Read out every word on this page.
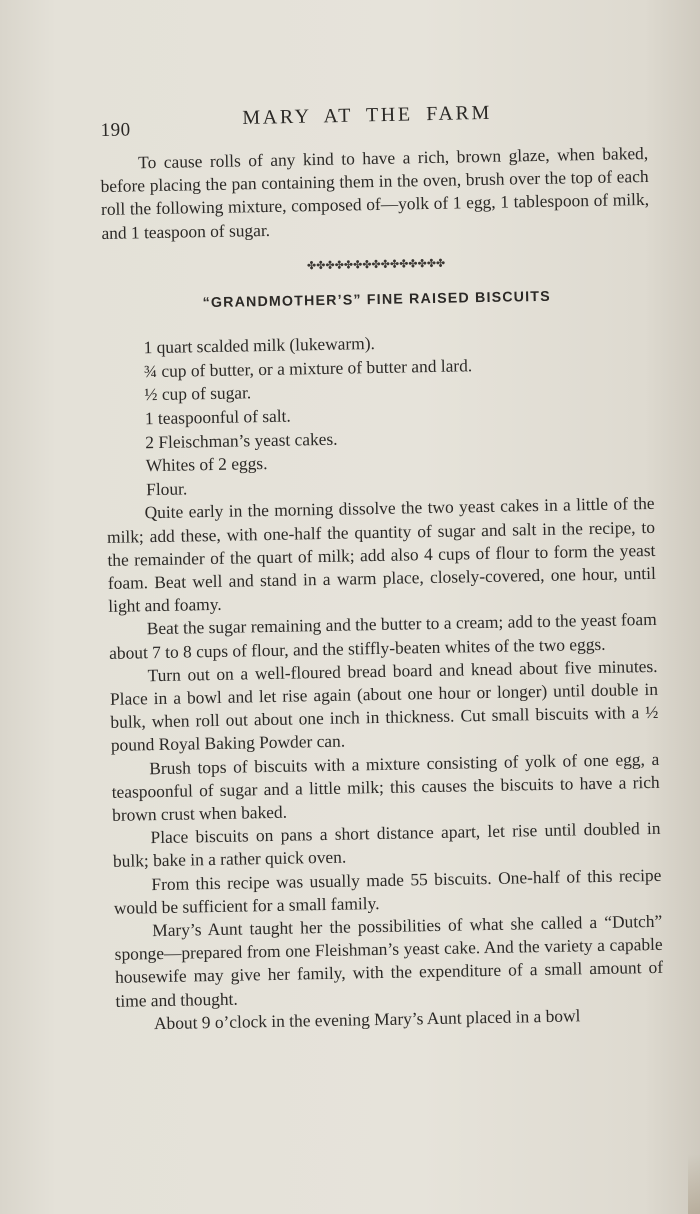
190
MARY AT THE FARM

To cause rolls of any kind to have a rich, brown glaze, when baked, before placing the pan containing them in the oven, brush over the top of each roll the following mixture, composed of—yolk of 1 egg, 1 tablespoon of milk, and 1 teaspoon of sugar.

✤✤✤✤✤✤✤✤✤✤✤✤✤✤✤
“GRANDMOTHER’S” FINE RAISED BISCUITS
1 quart scalded milk (lukewarm).
¾ cup of butter, or a mixture of butter and lard.
½ cup of sugar.
1 teaspoonful of salt.
2 Fleischman’s yeast cakes.
Whites of 2 eggs.
Flour.

Quite early in the morning dissolve the two yeast cakes in a little of the milk; add these, with one-half the quantity of sugar and salt in the recipe, to the remainder of the quart of milk; add also 4 cups of flour to form the yeast foam. Beat well and stand in a warm place, closely-covered, one hour, until light and foamy.

Beat the sugar remaining and the butter to a cream; add to the yeast foam about 7 to 8 cups of flour, and the stiffly-beaten whites of the two eggs.

Turn out on a well-floured bread board and knead about five minutes. Place in a bowl and let rise again (about one hour or longer) until double in bulk, when roll out about one inch in thickness. Cut small biscuits with a ½ pound Royal Baking Powder can.

Brush tops of biscuits with a mixture consisting of yolk of one egg, a teaspoonful of sugar and a little milk; this causes the biscuits to have a rich brown crust when baked.

Place biscuits on pans a short distance apart, let rise until doubled in bulk; bake in a rather quick oven.

From this recipe was usually made 55 biscuits. One-half of this recipe would be sufficient for a small family.

Mary’s Aunt taught her the possibilities of what she called a “Dutch” sponge—prepared from one Fleishman’s yeast cake. And the variety a capable housewife may give her family, with the expenditure of a small amount of time and thought.

About 9 o’clock in the evening Mary’s Aunt placed in a bowl
